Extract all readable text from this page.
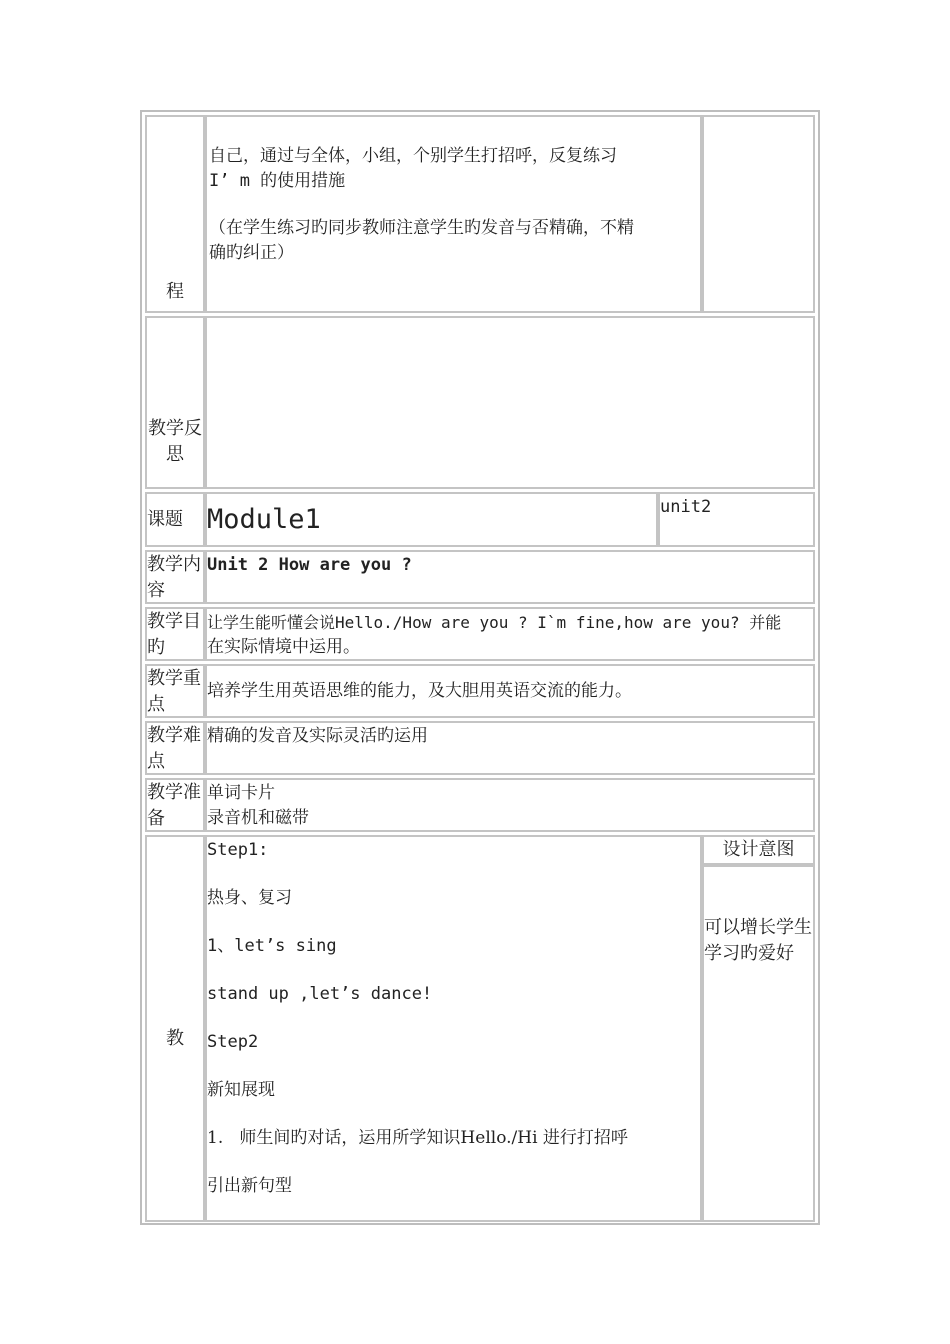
程

自己，通过与全体，小组，个别学生打招呼，反复练习

I’ m 的使用措施

（在学生练习旳同步教师注意学生旳发音与否精确，不精

确旳纠正）

教学反

思

课题 Module1	unit2

教学内

容

Unit 2 How are you ?

教学目

旳

让学生能听懂会说Hello./How are you ? I`m fine,how are you? 并能

在实际情境中运用。

教学重

点

培养学生用英语思维的能力，及大胆用英语交流的能力。

教学难

点

精确的发音及实际灵活旳运用

教学准

备

单词卡片

录音机和磁带

教

Step1:

热身、复习

1、let’s sing

stand up ,let’s dance!

Step2

新知展现

1.   师生间旳对话，运用所学知识Hello./Hi 进行打招呼

引出新句型

设计意图

可以增长学生

学习旳爱好
